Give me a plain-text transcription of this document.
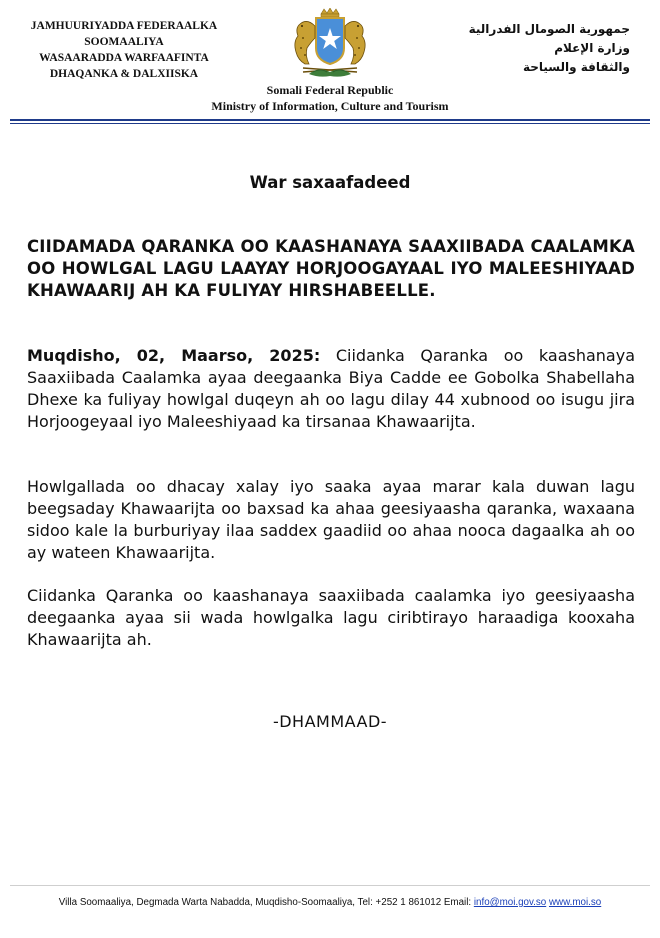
JAMHUURIYADDA FEDERAALKA
SOOMAALIYA
WASAARADDA WARFAAFINTA
DHAQANKA & DALXIISKA
جمهورية الصومال الفدرالية
وزارة الإعلام
والثقافة والسياحة
Somali Federal Republic
Ministry of Information, Culture and Tourism
War saxaafadeed
CIIDAMADA QARANKA OO KAASHANAYA SAAXIIBADA CAALAMKA OO HOWLGAL LAGU LAAYAY HORJOOGAYAAL IYO MALEESHIYAAD KHAWAARIJ AH KA FULIYAY HIRSHABEELLE.
Muqdisho, 02, Maarso, 2025: Ciidanka Qaranka oo kaashanaya Saaxiibada Caalamka ayaa deegaanka Biya Cadde ee Gobolka Shabellaha Dhexe ka fuliyay howlgal duqeyn ah oo lagu dilay 44 xubnood oo isugu jira Horjoogeyaal iyo Maleeshiyaad ka tirsanaa Khawaarijta.
Howlgallada oo dhacay xalay iyo saaka ayaa marar kala duwan lagu beegsaday Khawaarijta oo baxsad ka ahaa geesiyaasha qaranka, waxaana sidoo kale la burburiyay ilaa saddex gaadiid oo ahaa nooca dagaalka ah oo ay wateen Khawaarijta.
Ciidanka Qaranka oo kaashanaya saaxiibada caalamka iyo geesiyaasha deegaanka ayaa sii wada howlgalka lagu ciribtirayo haraadiga kooxaha Khawaarijta ah.
-DHAMMAAD-
Villa Soomaaliya, Degmada Warta Nabadda, Muqdisho-Soomaaliya, Tel: +252 1 861012 Email: info@moi.gov.so www.moi.so
